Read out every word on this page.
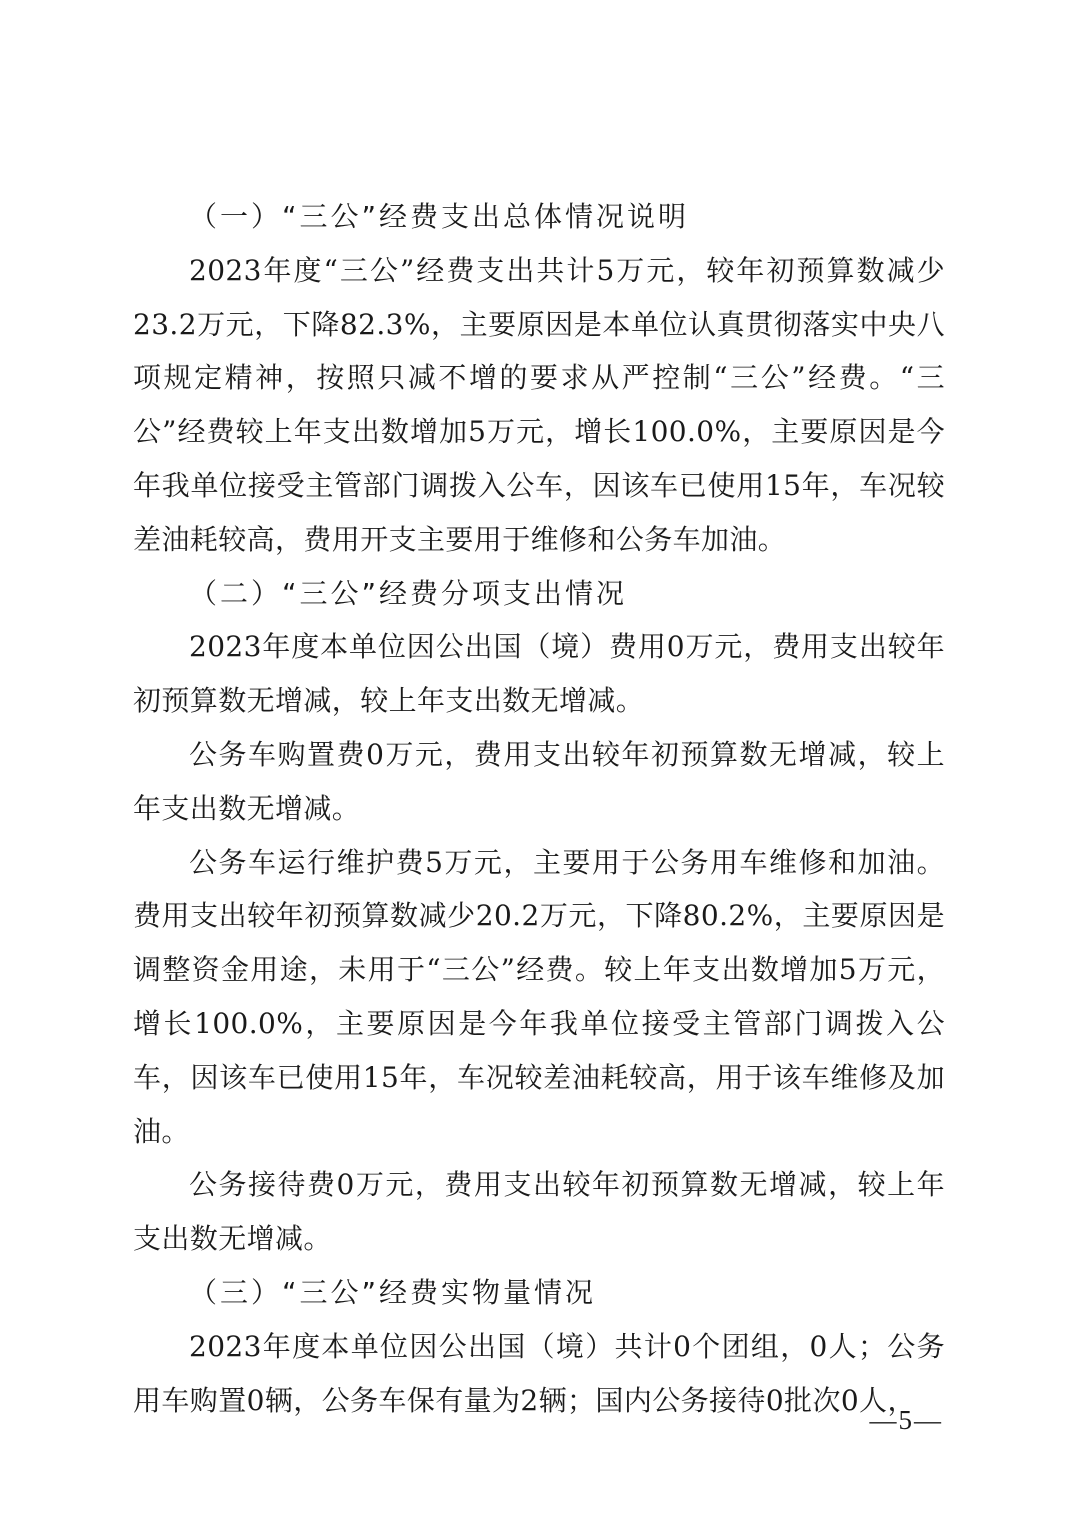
（一）“三公”经费支出总体情况说明

2023年度“三公”经费支出共计5万元，较年初预算数减少23.2万元，下降82.3%，主要原因是本单位认真贯彻落实中央八项规定精神，按照只减不增的要求从严控制“三公”经费。“三公”经费较上年支出数增加5万元，增长100.0%，主要原因是今年我单位接受主管部门调拨入公车，因该车已使用15年，车况较差油耗较高，费用开支主要用于维修和公务车加油。

（二）“三公”经费分项支出情况

2023年度本单位因公出国（境）费用0万元，费用支出较年初预算数无增减，较上年支出数无增减。

公务车购置费0万元，费用支出较年初预算数无增减，较上年支出数无增减。

公务车运行维护费5万元，主要用于公务用车维修和加油。费用支出较年初预算数减少20.2万元，下降80.2%，主要原因是调整资金用途，未用于“三公”经费。较上年支出数增加5万元，增长100.0%，主要原因是今年我单位接受主管部门调拨入公车，因该车已使用15年，车况较差油耗较高，用于该车维修及加油。

公务接待费0万元，费用支出较年初预算数无增减，较上年支出数无增减。

（三）“三公”经费实物量情况

2023年度本单位因公出国（境）共计0个团组，0人；公务用车购置0辆，公务车保有量为2辆；国内公务接待0批次0人，

—5—
